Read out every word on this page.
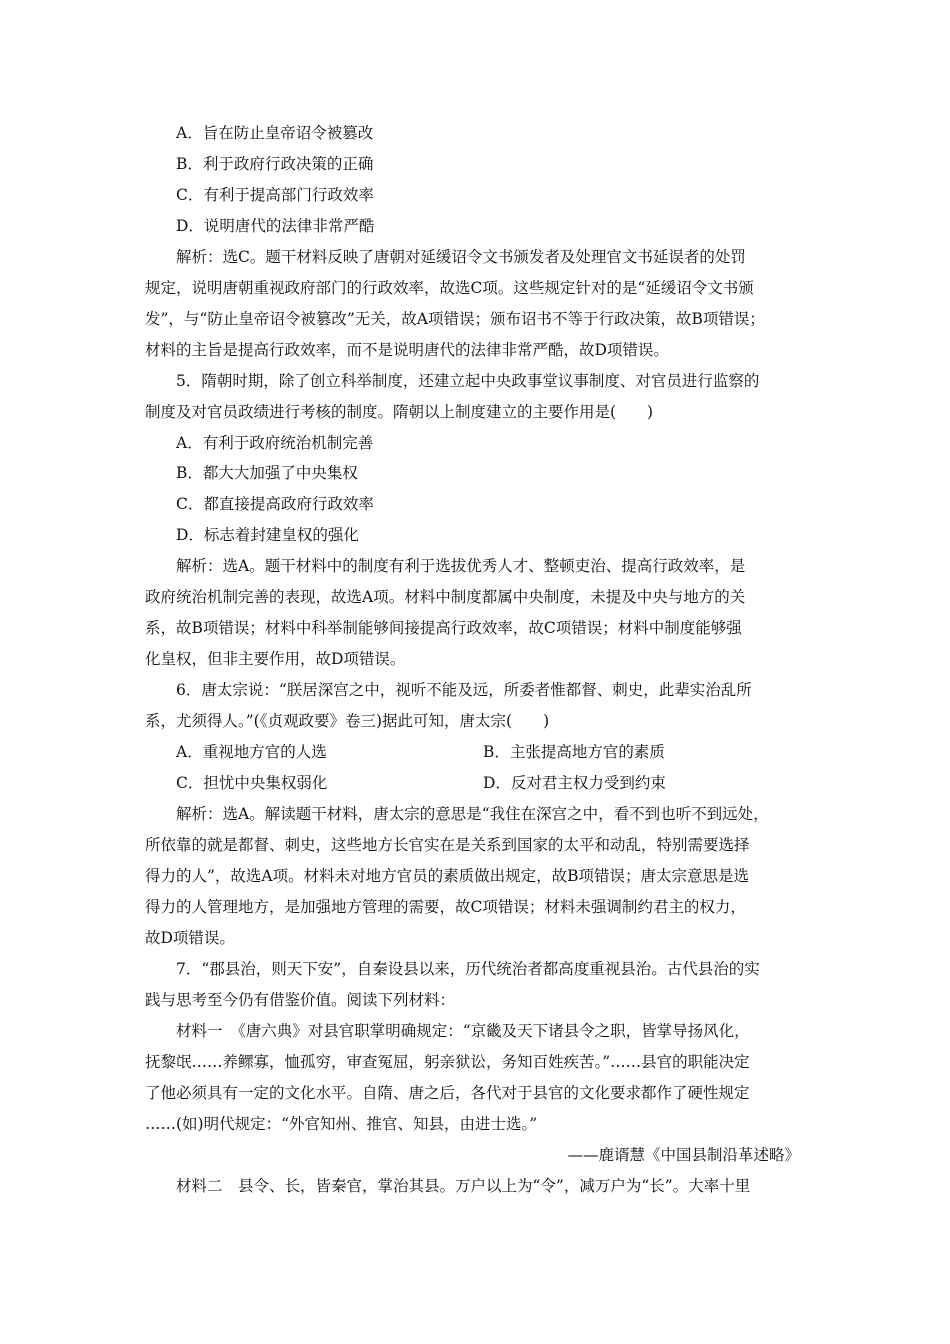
A．旨在防止皇帝诏令被篡改
B．利于政府行政决策的正确
C．有利于提高部门行政效率
D．说明唐代的法律非常严酷
解析：选C。题干材料反映了唐朝对延缓诏令文书颁发者及处理官文书延误者的处罚
规定，说明唐朝重视政府部门的行政效率，故选C项。这些规定针对的是“延缓诏令文书颁
发”，与“防止皇帝诏令被篡改”无关，故A项错误；颁布诏书不等于行政决策，故B项错误；
材料的主旨是提高行政效率，而不是说明唐代的法律非常严酷，故D项错误。
5．隋朝时期，除了创立科举制度，还建立起中央政事堂议事制度、对官员进行监察的
制度及对官员政绩进行考核的制度。隋朝以上制度建立的主要作用是(　　)
A．有利于政府统治机制完善
B．都大大加强了中央集权
C．都直接提高政府行政效率
D．标志着封建皇权的强化
解析：选A。题干材料中的制度有利于选拔优秀人才、整顿吏治、提高行政效率，是
政府统治机制完善的表现，故选A项。材料中制度都属中央制度，未提及中央与地方的关
系，故B项错误；材料中科举制能够间接提高行政效率，故C项错误；材料中制度能够强
化皇权，但非主要作用，故D项错误。
6．唐太宗说：“朕居深宫之中，视听不能及远，所委者惟都督、刺史，此辈实治乱所
系，尤须得人。”(《贞观政要》卷三)据此可知，唐太宗(　　)
A．重视地方官的人选	B．主张提高地方官的素质
C．担忧中央集权弱化	D．反对君主权力受到约束
解析：选A。解读题干材料，唐太宗的意思是“我住在深宫之中，看不到也听不到远处，
所依靠的就是都督、刺史，这些地方长官实在是关系到国家的太平和动乱，特别需要选择
得力的人”，故选A项。材料未对地方官员的素质做出规定，故B项错误；唐太宗意思是选
得力的人管理地方，是加强地方管理的需要，故C项错误；材料未强调制约君主的权力，
故D项错误。
7．“郡县治，则天下安”，自秦设县以来，历代统治者都高度重视县治。古代县治的实
践与思考至今仍有借鉴价值。阅读下列材料：
材料一　《唐六典》对县官职掌明确规定：“京畿及天下诸县令之职，皆掌导扬风化，
抚黎氓……养鳏寡，恤孤穷，审查冤屈，躬亲狱讼，务知百姓疾苦。”……县官的职能决定
了他必须具有一定的文化水平。自隋、唐之后，各代对于县官的文化要求都作了硬性规定
……(如)明代规定：“外官知州、推官、知县，由进士选。”
——鹿谞慧《中国县制沿革述略》
材料二　县令、长，皆秦官，掌治其县。万户以上为“令”，减万户为“长”。大率十里
